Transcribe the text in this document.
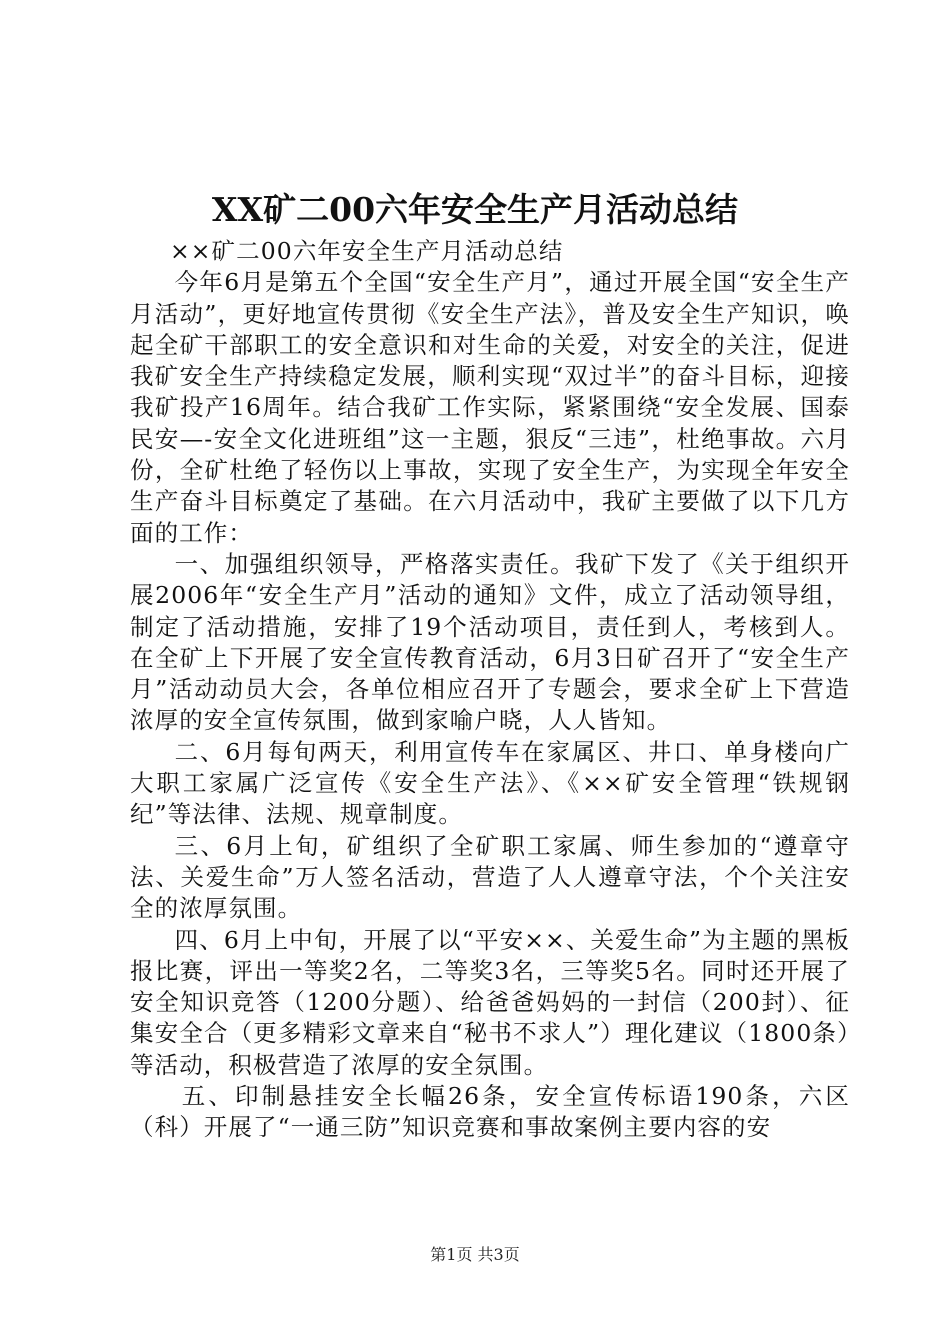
XX矿二00六年安全生产月活动总结

××矿二00六年安全生产月活动总结

今年6月是第五个全国“安全生产月”，通过开展全国“安全生产月活动”，更好地宣传贯彻《安全生产法》，普及安全生产知识，唤起全矿干部职工的安全意识和对生命的关爱，对安全的关注，促进我矿安全生产持续稳定发展，顺利实现“双过半”的奋斗目标，迎接我矿投产16周年。结合我矿工作实际，紧紧围绕“安全发展、国泰民安—-安全文化进班组”这一主题，狠反“三违”，杜绝事故。六月份，全矿杜绝了轻伤以上事故，实现了安全生产，为实现全年安全生产奋斗目标奠定了基础。在六月活动中，我矿主要做了以下几方面的工作：

一、加强组织领导，严格落实责任。我矿下发了《关于组织开展2006年“安全生产月”活动的通知》文件，成立了活动领导组，制定了活动措施，安排了19个活动项目，责任到人，考核到人。在全矿上下开展了安全宣传教育活动，6月3日矿召开了“安全生产月”活动动员大会，各单位相应召开了专题会，要求全矿上下营造浓厚的安全宣传氛围，做到家喻户晓，人人皆知。

二、6月每旬两天，利用宣传车在家属区、井口、单身楼向广大职工家属广泛宣传《安全生产法》、《××矿安全管理“铁规钢纪”等法律、法规、规章制度。

三、6月上旬，矿组织了全矿职工家属、师生参加的“遵章守法、关爱生命”万人签名活动，营造了人人遵章守法，个个关注安全的浓厚氛围。

四、6月上中旬，开展了以“平安××、关爱生命”为主题的黑板报比赛，评出一等奖2名，二等奖3名，三等奖5名。同时还开展了安全知识竞答（1200分题）、给爸爸妈妈的一封信（200封）、征集安全合（更多精彩文章来自“秘书不求人”）理化建议（1800条）等活动，积极营造了浓厚的安全氛围。

五、印制悬挂安全长幅26条，安全宣传标语190条，六区（科）开展了“一通三防”知识竞赛和事故案例主要内容的安

第1页 共3页
